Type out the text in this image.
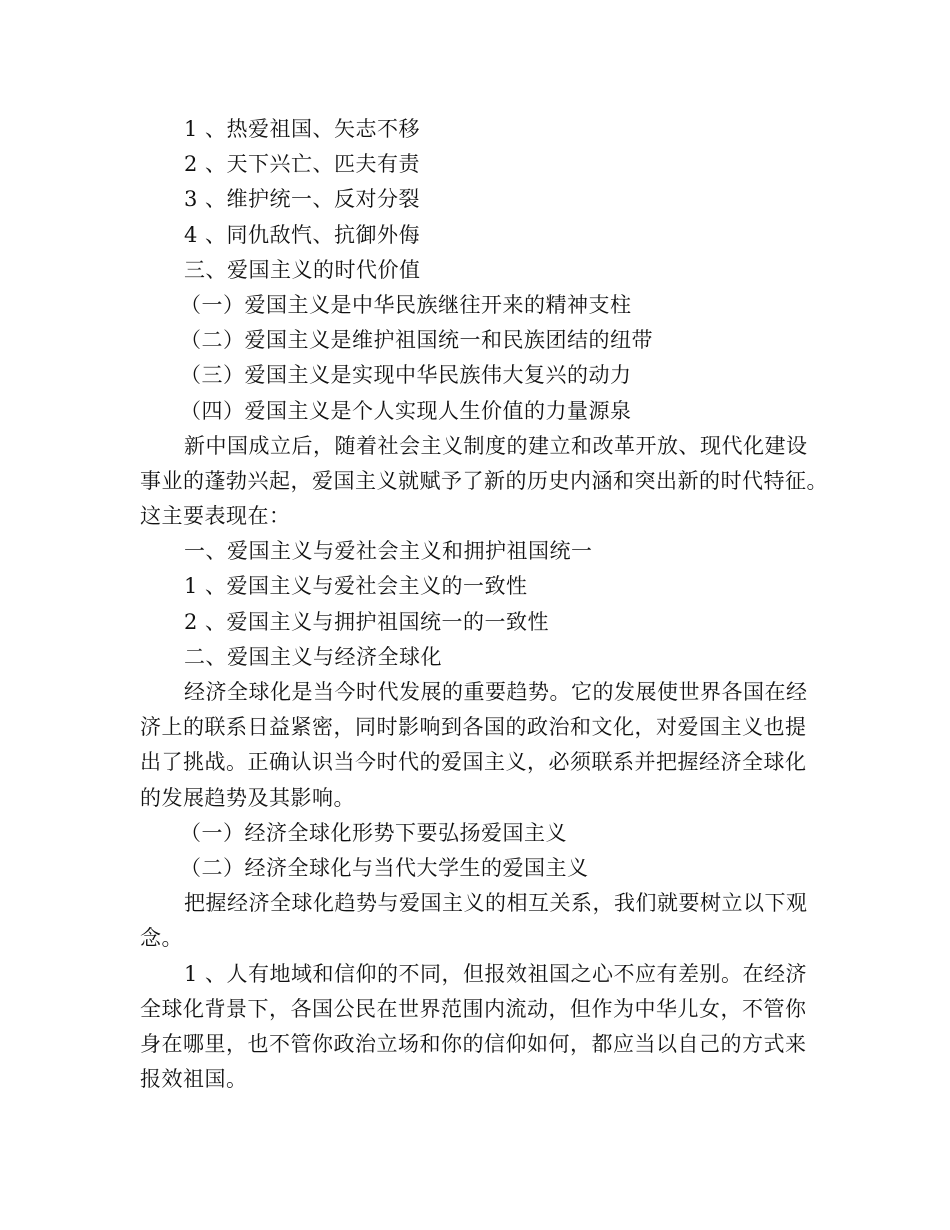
1 、热爱祖国、矢志不移
2 、天下兴亡、匹夫有责
3 、维护统一、反对分裂
4 、同仇敌忾、抗御外侮
三、爱国主义的时代价值
（一）爱国主义是中华民族继往开来的精神支柱
（二）爱国主义是维护祖国统一和民族团结的纽带
（三）爱国主义是实现中华民族伟大复兴的动力
（四）爱国主义是个人实现人生价值的力量源泉
新中国成立后，随着社会主义制度的建立和改革开放、现代化建设
事业的蓬勃兴起，爱国主义就赋予了新的历史内涵和突出新的时代特征。
这主要表现在：
一、爱国主义与爱社会主义和拥护祖国统一
1 、爱国主义与爱社会主义的一致性
2 、爱国主义与拥护祖国统一的一致性
二、爱国主义与经济全球化
经济全球化是当今时代发展的重要趋势。它的发展使世界各国在经
济上的联系日益紧密，同时影响到各国的政治和文化，对爱国主义也提
出了挑战。正确认识当今时代的爱国主义，必须联系并把握经济全球化
的发展趋势及其影响。
（一）经济全球化形势下要弘扬爱国主义
（二）经济全球化与当代大学生的爱国主义
把握经济全球化趋势与爱国主义的相互关系，我们就要树立以下观
念。
1 、人有地域和信仰的不同，但报效祖国之心不应有差别。在经济
全球化背景下，各国公民在世界范围内流动，但作为中华儿女，不管你
身在哪里，也不管你政治立场和你的信仰如何，都应当以自己的方式来
报效祖国。
